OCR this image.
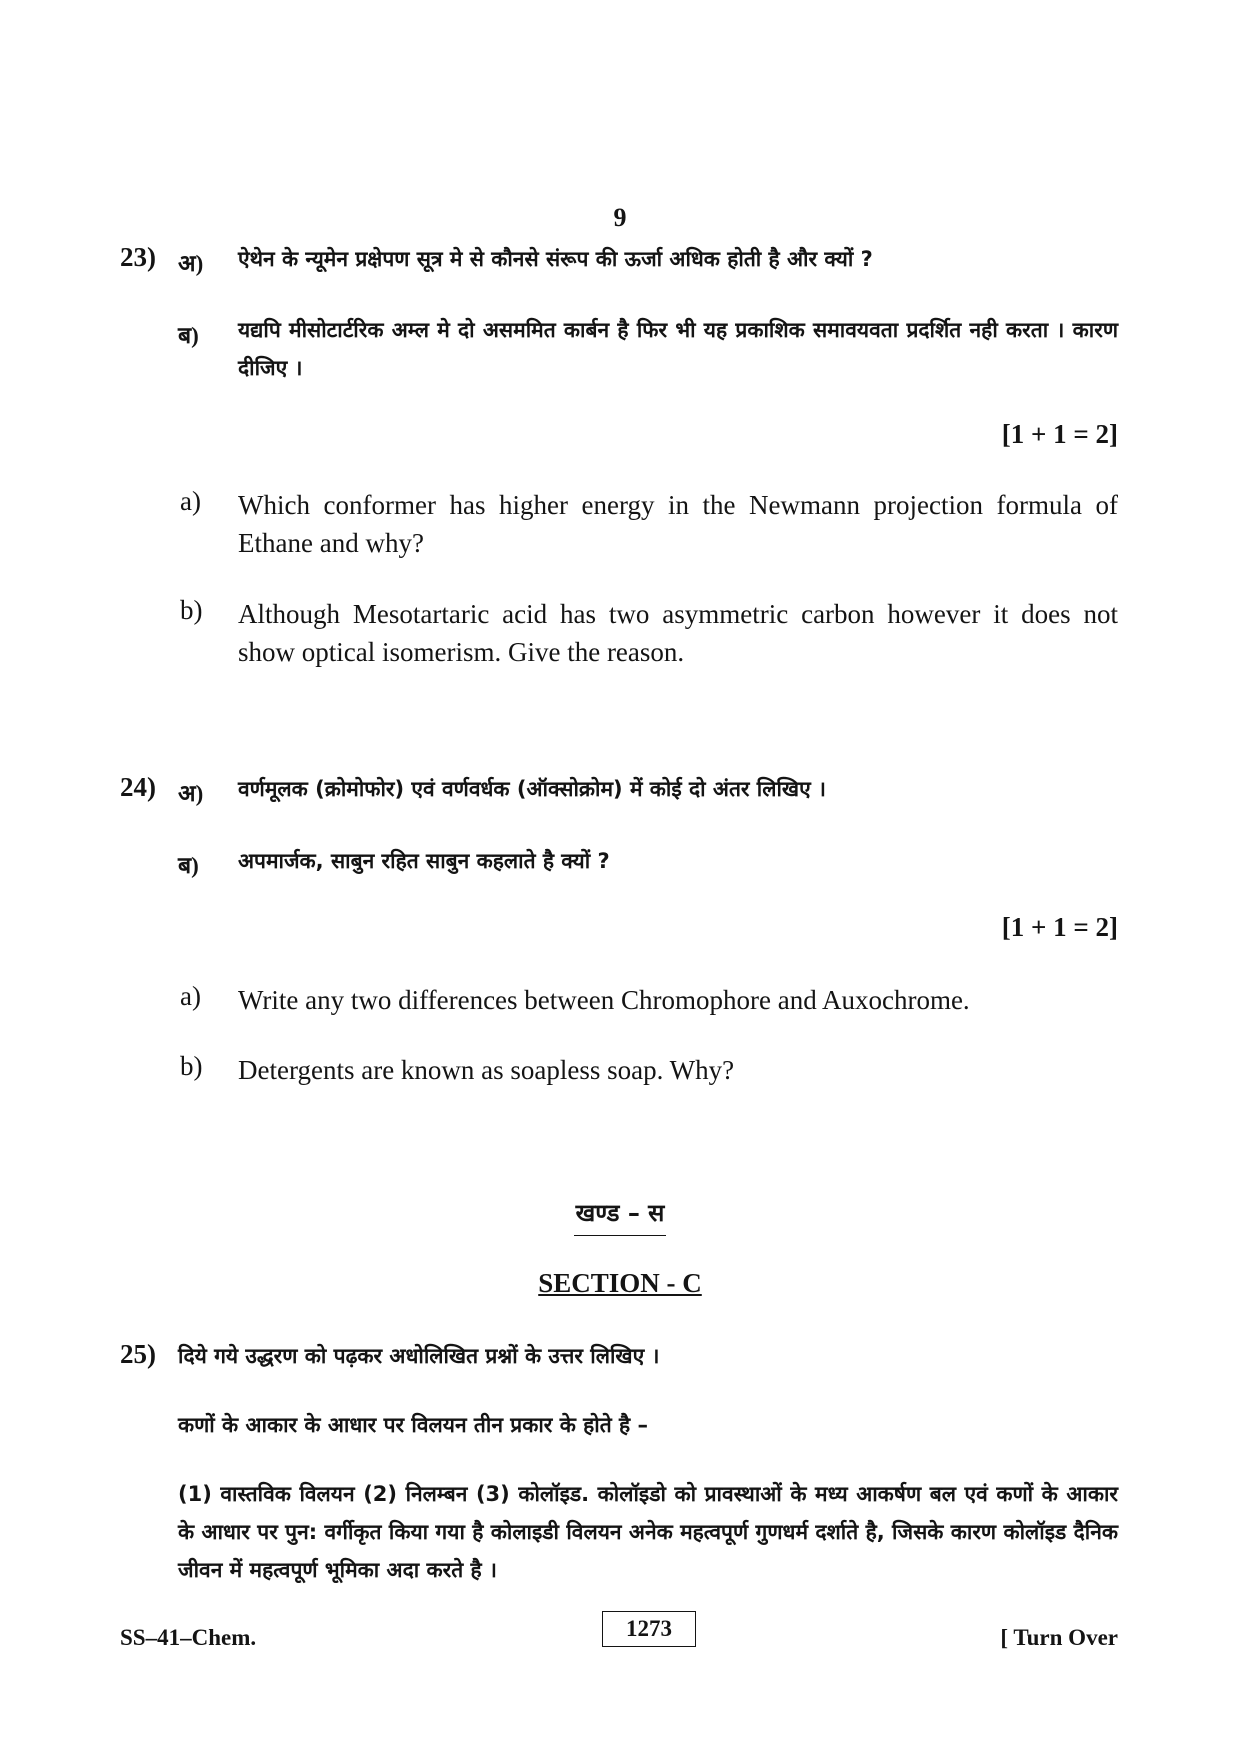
9
23) अ) ऐथेन के न्यूमेन प्रक्षेपण सूत्र मे से कौनसे संरूप की ऊर्जा अधिक होती है और क्यों ?
ब) यद्यपि मीसोटार्टरिक अम्ल मे दो असममित कार्बन है फिर भी यह प्रकाशिक समावयवता प्रदर्शित नही करता । कारण दीजिए ।
[1 + 1 = 2]
a) Which conformer has higher energy in the Newmann projection formula of Ethane and why?
b) Although Mesotartaric acid has two asymmetric carbon however it does not show optical isomerism. Give the reason.
24) अ) वर्णमूलक (क्रोमोफोर) एवं वर्णवर्धक (ऑक्सोक्रोम) में कोई दो अंतर लिखिए ।
ब) अपमार्जक, साबुन रहित साबुन कहलाते है क्यों ?
[1 + 1 = 2]
a) Write any two differences between Chromophore and Auxochrome.
b) Detergents are known as soapless soap. Why?
खण्ड – स
SECTION - C
25) दिये गये उद्धरण को पढ़कर अधोलिखित प्रश्नों के उत्तर लिखिए ।
कणों के आकार के आधार पर विलयन तीन प्रकार के होते है –
(1) वास्तविक विलयन (2) निलम्बन (3) कोलॉइड. कोलॉइडो को प्रावस्थाओं के मध्य आकर्षण बल एवं कणों के आकार के आधार पर पुन: वर्गीकृत किया गया है कोलाइडी विलयन अनेक महत्वपूर्ण गुणधर्म दर्शाते है, जिसके कारण कोलॉइड दैनिक जीवन में महत्वपूर्ण भूमिका अदा करते है ।
SS–41–Chem.	1273	[ Turn Over
